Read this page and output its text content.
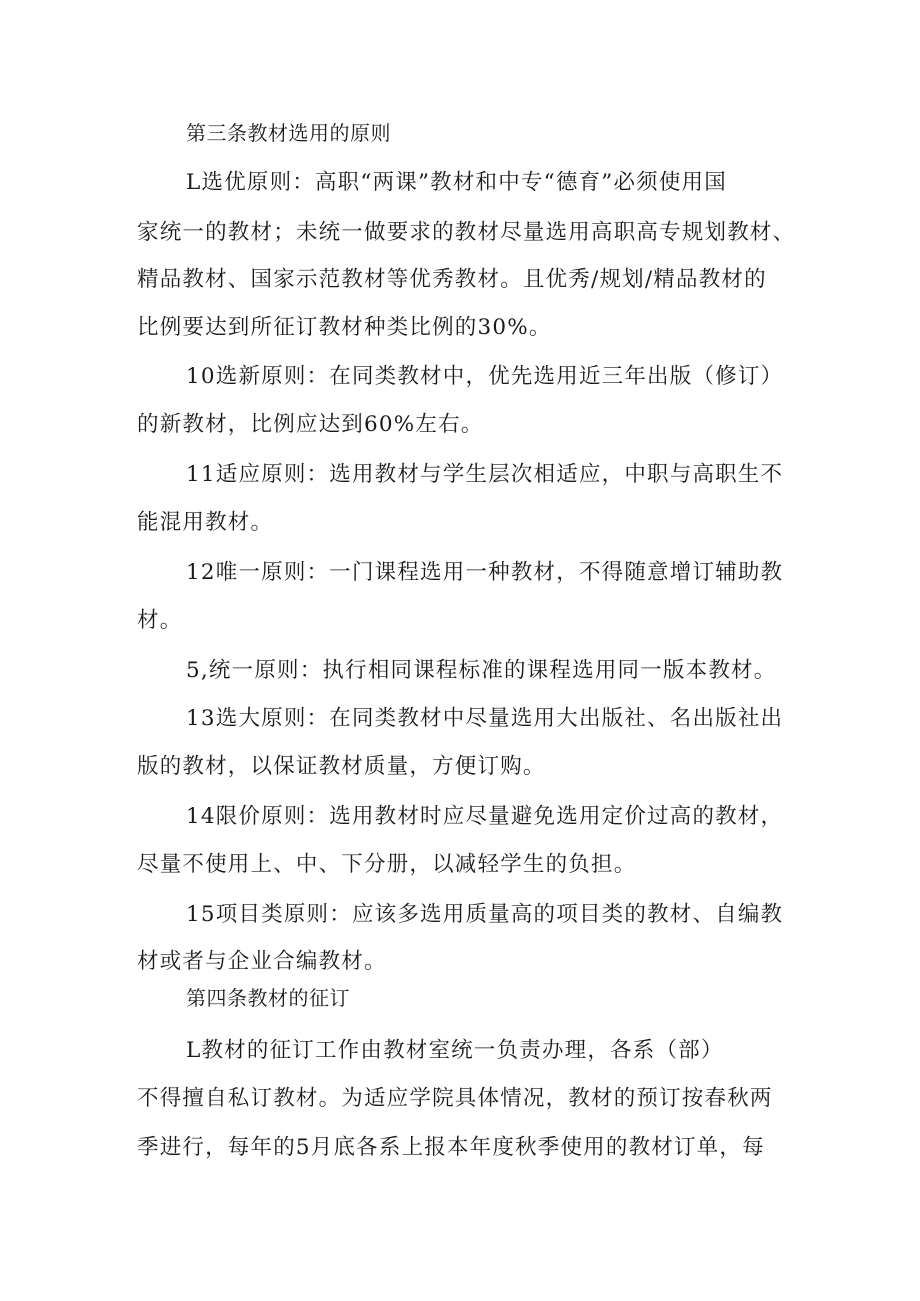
第三条教材选用的原则
L选优原则：高职“两课”教材和中专“德育”必须使用国
家统一的教材；未统一做要求的教材尽量选用高职高专规划教材、
精品教材、国家示范教材等优秀教材。且优秀/规划/精品教材的
比例要达到所征订教材种类比例的30%。
10选新原则：在同类教材中，优先选用近三年出版（修订）
的新教材，比例应达到60%左右。
11适应原则：选用教材与学生层次相适应，中职与高职生不
能混用教材。
12唯一原则：一门课程选用一种教材，不得随意增订辅助教
材。
5,统一原则：执行相同课程标准的课程选用同一版本教材。
13选大原则：在同类教材中尽量选用大出版社、名出版社出
版的教材，以保证教材质量，方便订购。
14限价原则：选用教材时应尽量避免选用定价过高的教材，
尽量不使用上、中、下分册，以减轻学生的负担。
15项目类原则：应该多选用质量高的项目类的教材、自编教
材或者与企业合编教材。
第四条教材的征订
L教材的征订工作由教材室统一负责办理，各系（部）
不得擅自私订教材。为适应学院具体情况，教材的预订按春秋两
季进行，每年的5月底各系上报本年度秋季使用的教材订单，每
